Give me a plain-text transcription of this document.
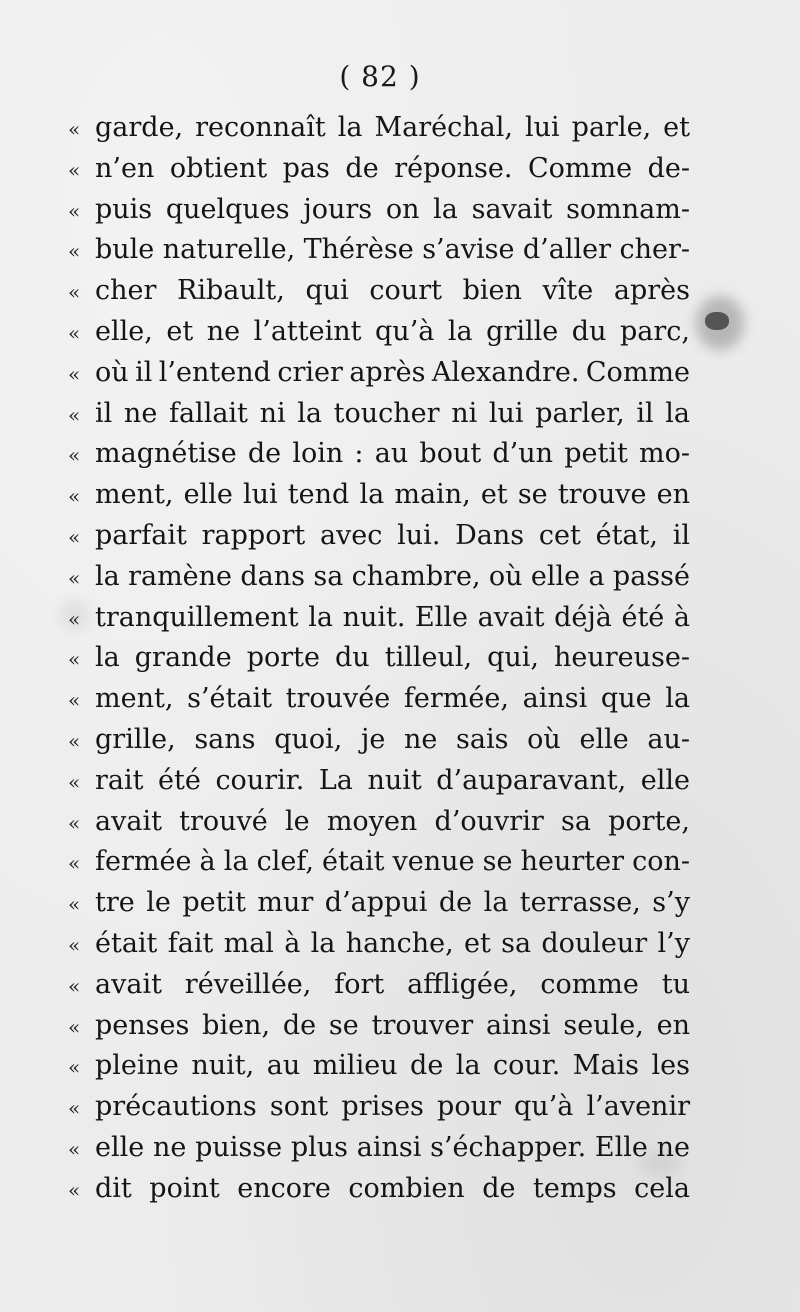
( 82 )
« garde, reconnaît la Maréchal, lui parle, et
« n’en obtient pas de réponse. Comme de-
« puis quelques jours on la savait somnam-
« bule naturelle, Thérèse s’avise d’aller cher-
« cher Ribault, qui court bien vîte après
« elle, et ne l’atteint qu’à la grille du parc,
« où il l’entend crier après Alexandre. Comme
« il ne fallait ni la toucher ni lui parler, il la
« magnétise de loin : au bout d’un petit mo-
« ment, elle lui tend la main, et se trouve en
« parfait rapport avec lui. Dans cet état, il
« la ramène dans sa chambre, où elle a passé
« tranquillement la nuit. Elle avait déjà été à
« la grande porte du tilleul, qui, heureuse-
« ment, s’était trouvée fermée, ainsi que la
« grille, sans quoi, je ne sais où elle au-
« rait été courir. La nuit d’auparavant, elle
« avait trouvé le moyen d’ouvrir sa porte,
« fermée à la clef, était venue se heurter con-
« tre le petit mur d’appui de la terrasse, s’y
« était fait mal à la hanche, et sa douleur l’y
« avait réveillée, fort affligée, comme tu
« penses bien, de se trouver ainsi seule, en
« pleine nuit, au milieu de la cour. Mais les
« précautions sont prises pour qu’à l’avenir
« elle ne puisse plus ainsi s’échapper. Elle ne
« dit point encore combien de temps cela
